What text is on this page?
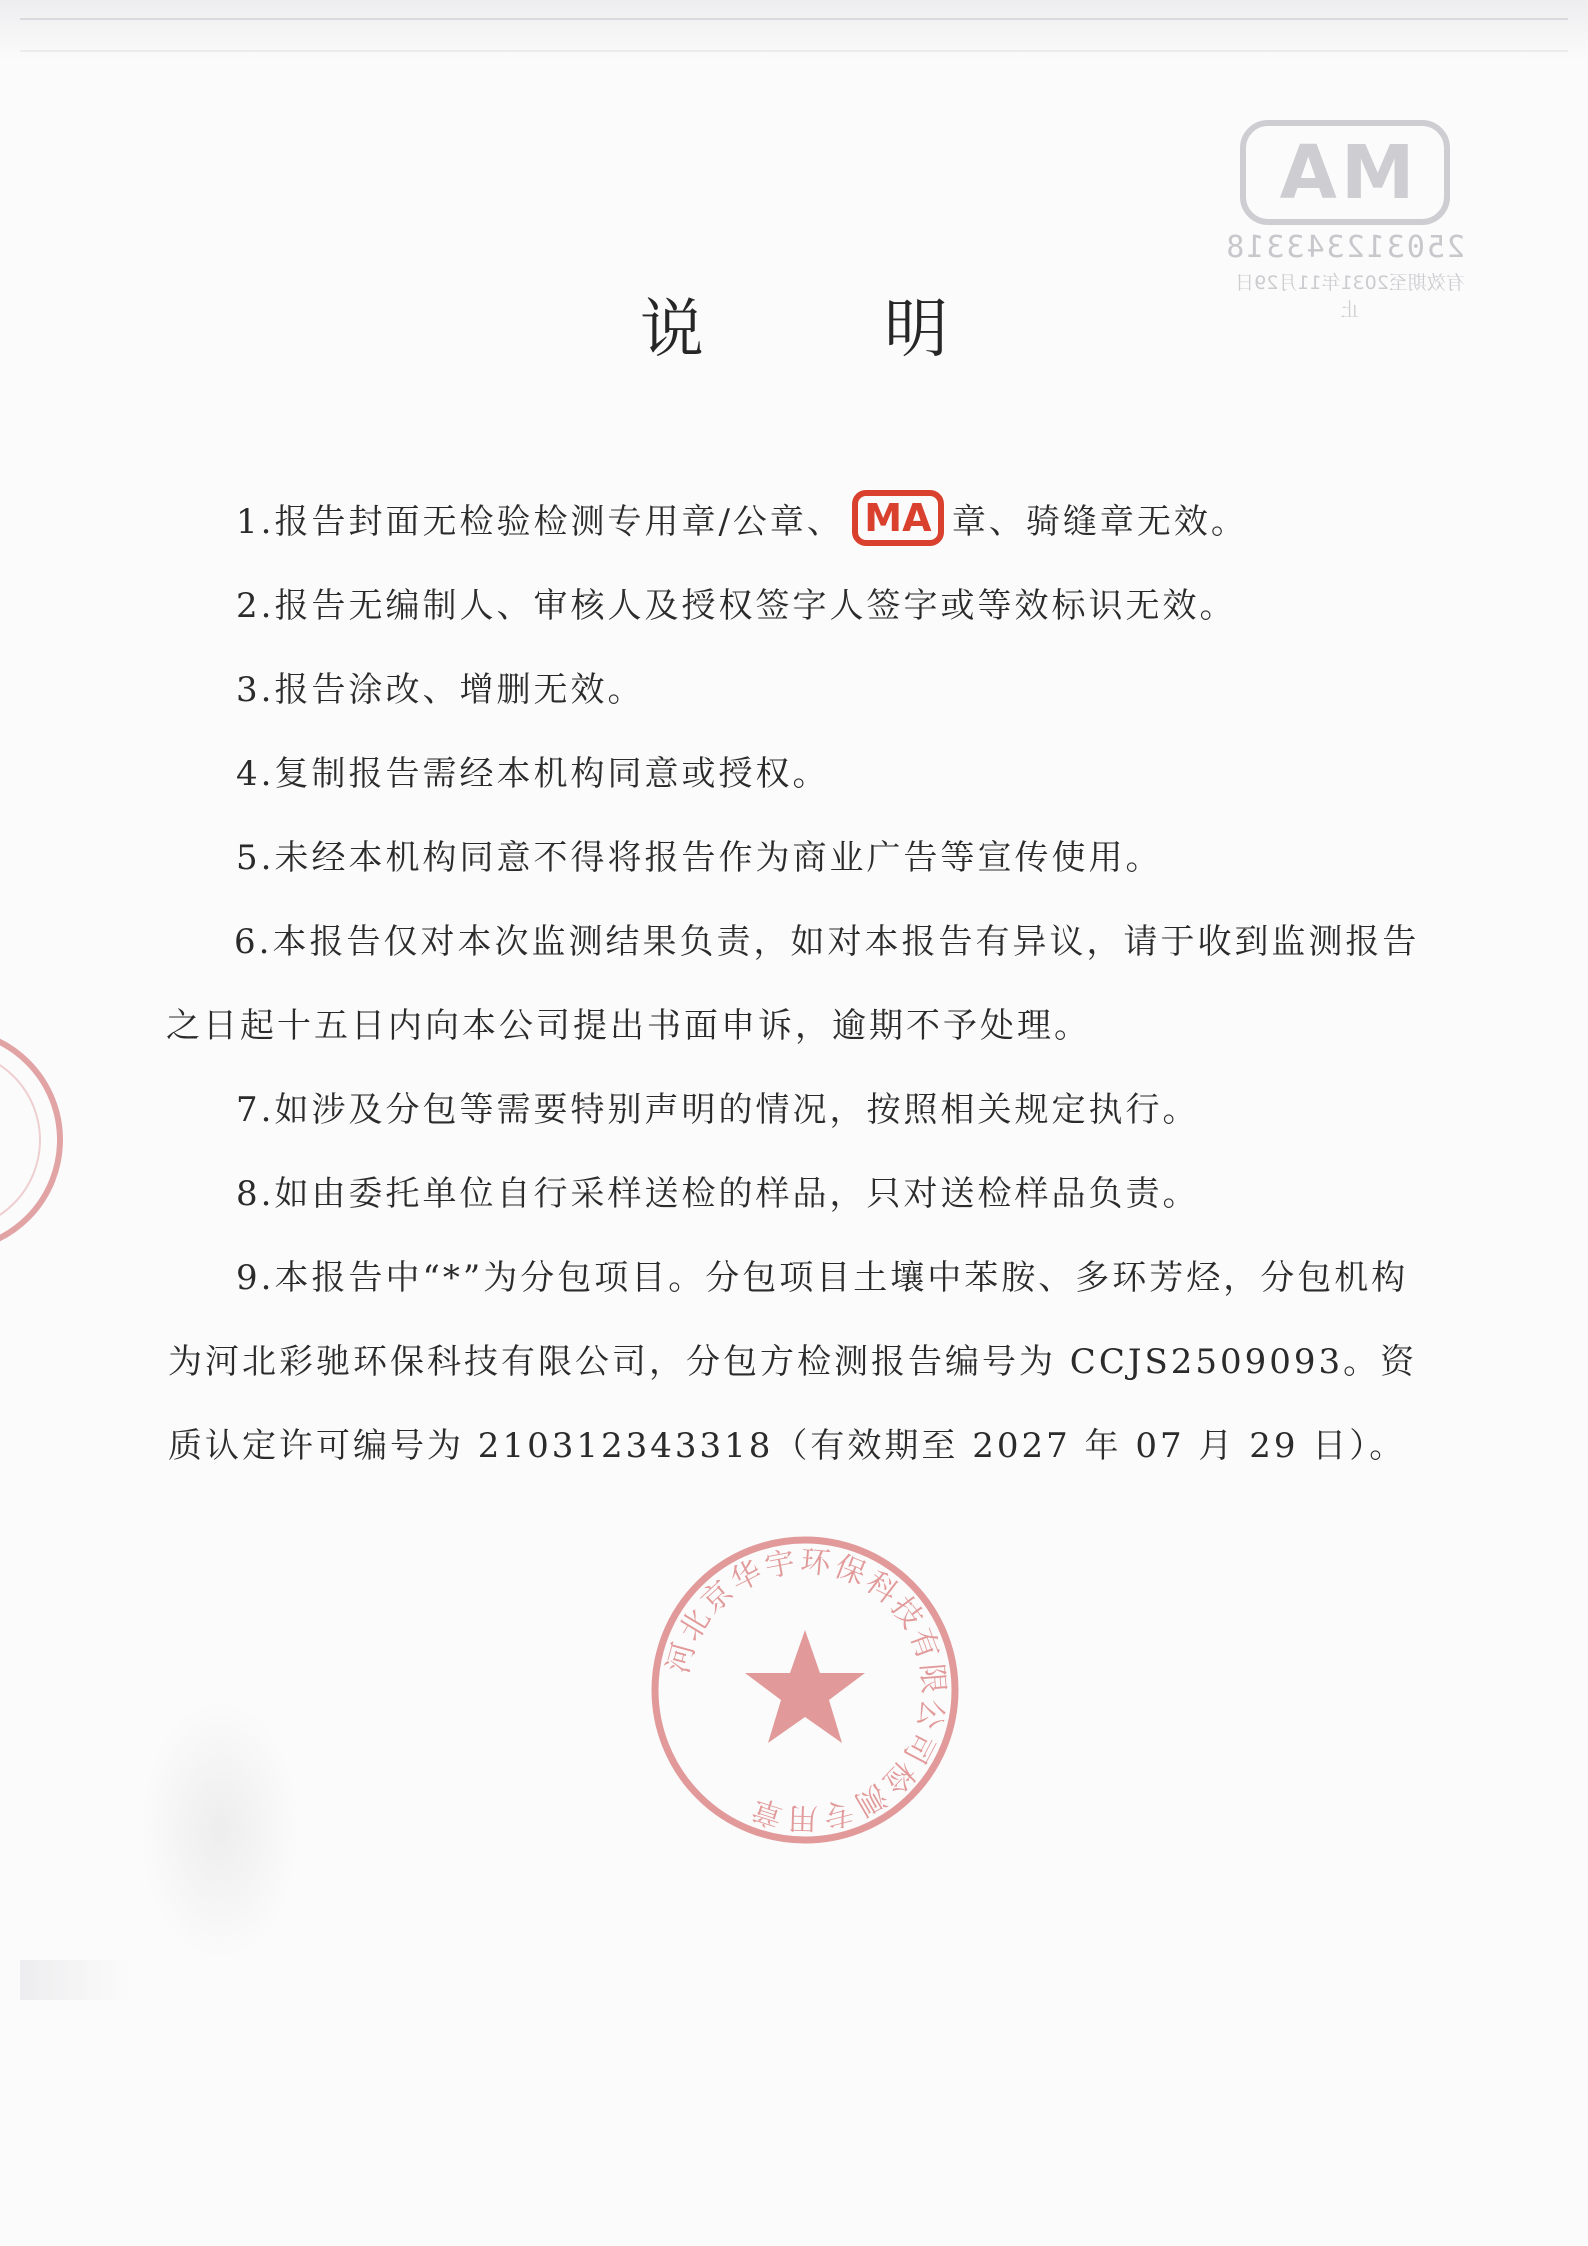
MA
250312343318
有效期至2031年11月29日止
说 明

1.报告封面无检验检测专用章/公章、 MA 章、骑缝章无效。

2.报告无编制人、审核人及授权签字人签字或等效标识无效。

3.报告涂改、增删无效。

4.复制报告需经本机构同意或授权。

5.未经本机构同意不得将报告作为商业广告等宣传使用。

6.本报告仅对本次监测结果负责，如对本报告有异议，请于收到监测报告之日起十五日内向本公司提出书面申诉，逾期不予处理。

7.如涉及分包等需要特别声明的情况，按照相关规定执行。

8.如由委托单位自行采样送检的样品，只对送检样品负责。

9.本报告中“*”为分包项目。分包项目土壤中苯胺、多环芳烃，分包机构为河北彩驰环保科技有限公司，分包方检测报告编号为 CCJS2509093。资质认定许可编号为 210312343318（有效期至 2027 年 07 月 29 日）。

河北京华宇环保科技有限公司检测专用章
